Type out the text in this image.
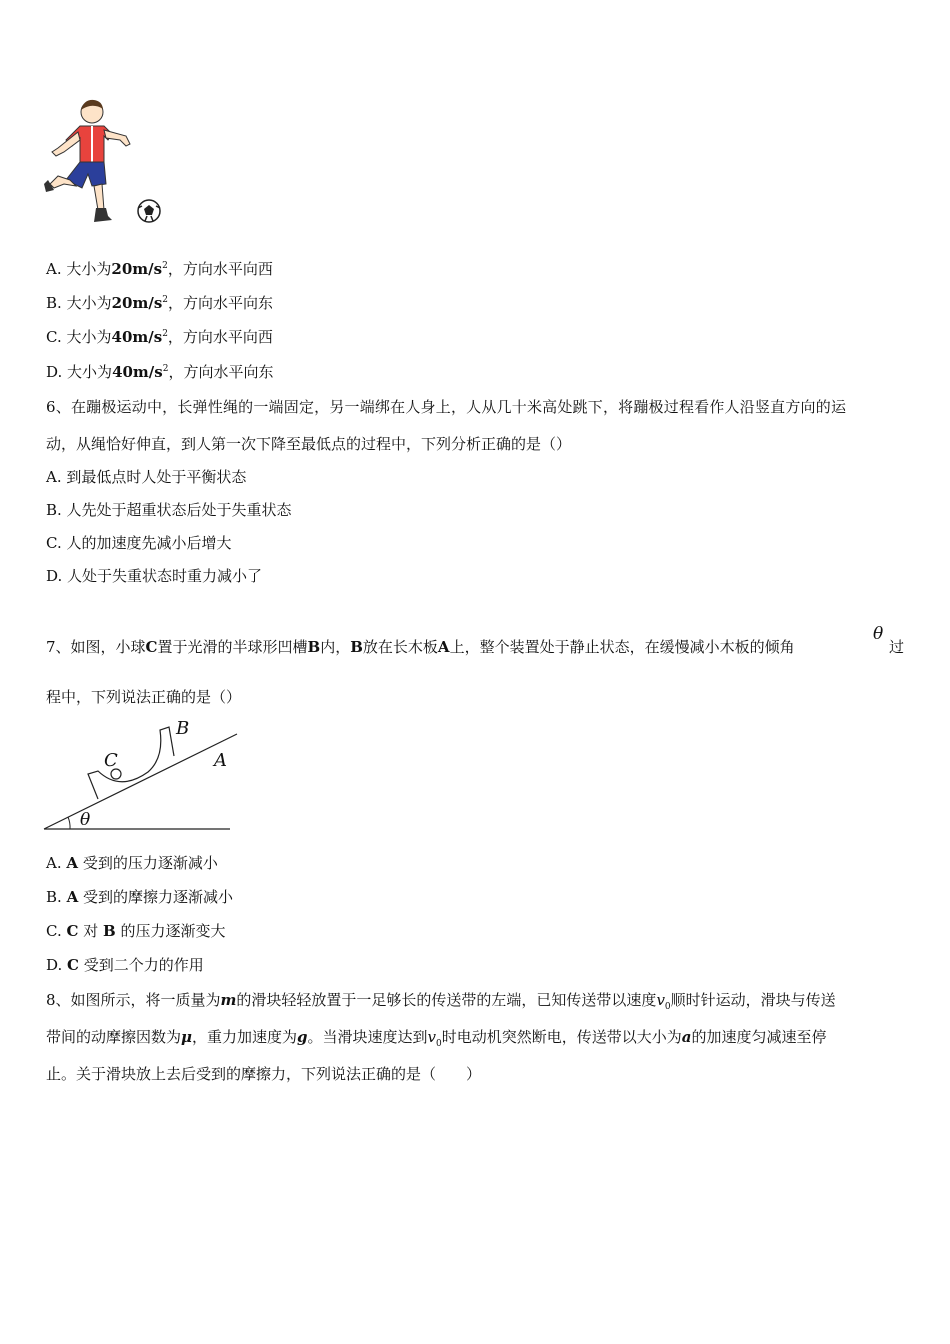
A. 大小为$20m/s^2$，方向水平向西
B. 大小为$20m/s^2$，方向水平向东
C. 大小为$40m/s^2$，方向水平向西
D. 大小为$40m/s^2$，方向水平向东
6、在蹦极运动中，长弹性绳的一端固定，另一端绑在人身上，人从几十米高处跳下，将蹦极过程看作人沿竖直方向的运
动，从绳恰好伸直，到人第一次下降至最低点的过程中，下列分析正确的是（）
A. 到最低点时人处于平衡状态
B. 人先处于超重状态后处于失重状态
C. 人的加速度先减小后增大
D. 人处于失重状态时重力减小了
7、如图，小球C置于光滑的半球形凹槽B内，B放在长木板A上，整个装置处于静止状态，在缓慢减小木板的倾角
θ
过
程中，下列说法正确的是（）
B
C	A
θ
A. A 受到的压力逐渐减小
B. A 受到的摩擦力逐渐减小
C. C 对 B 的压力逐渐变大
D. C 受到二个力的作用
8、如图所示，将一质量为m的滑块轻轻放置于一足够长的传送带的左端，已知传送带以速度$v_0$顺时针运动，滑块与传送
带间的动摩擦因数为μ，重力加速度为g。当滑块速度达到$v_0$时电动机突然断电，传送带以大小为a的加速度匀减速至停
止。关于滑块放上去后受到的摩擦力，下列说法正确的是（　　）
